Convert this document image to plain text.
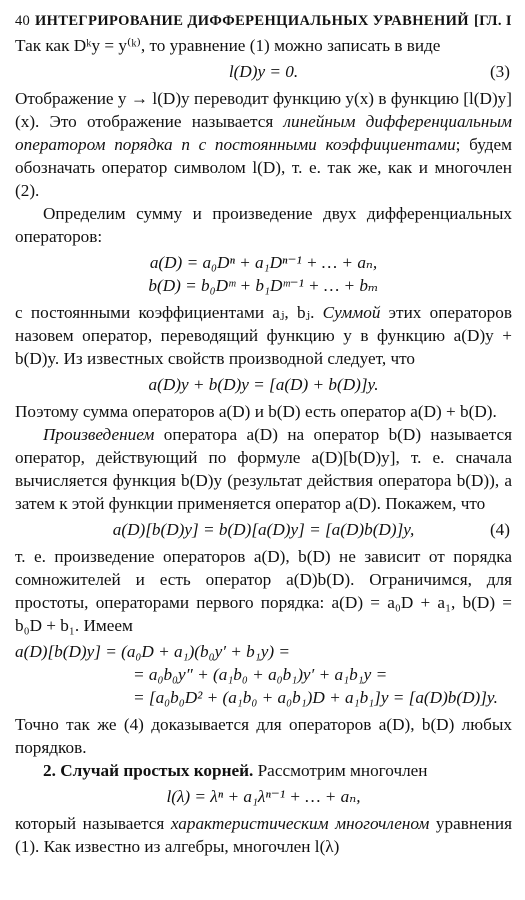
40 ИНТЕГРИРОВАНИЕ ДИФФЕРЕНЦИАЛЬНЫХ УРАВНЕНИЙ [ГЛ. I

Так как Dᵏy = y⁽ᵏ⁾, то уравнение (1) можно записать в виде

l(D)y = 0.	(3)

Отображение y → l(D)y переводит функцию y(x) в функцию [l(D)y](x). Это отображение называется линейным дифференциальным оператором порядка n с постоянными коэффициентами; будем обозначать оператор символом l(D), т. е. так же, как и многочлен (2).

Определим сумму и произведение двух дифференциальных операторов:

a(D) = a₀Dⁿ + a₁Dⁿ⁻¹ + … + aₙ,
b(D) = b₀Dᵐ + b₁Dᵐ⁻¹ + … + bₘ

с постоянными коэффициентами aⱼ, bⱼ. Суммой этих операторов назовем оператор, переводящий функцию y в функцию a(D)y + b(D)y. Из известных свойств производной следует, что

a(D)y + b(D)y = [a(D) + b(D)]y.

Поэтому сумма операторов a(D) и b(D) есть оператор a(D) + b(D).

Произведением оператора a(D) на оператор b(D) называется оператор, действующий по формуле a(D)[b(D)y], т. е. сначала вычисляется функция b(D)y (результат действия оператора b(D)), а затем к этой функции применяется оператор a(D). Покажем, что

a(D)[b(D)y] = b(D)[a(D)y] = [a(D)b(D)]y,	(4)

т. е. произведение операторов a(D), b(D) не зависит от порядка сомножителей и есть оператор a(D)b(D). Ограничимся, для простоты, операторами первого порядка: a(D) = a₀D + a₁, b(D) = b₀D + b₁. Имеем

a(D)[b(D)y] = (a₀D + a₁)(b₀y′ + b₁y) =
= a₀b₀y″ + (a₁b₀ + a₀b₁)y′ + a₁b₁y =
= [a₀b₀D² + (a₁b₀ + a₀b₁)D + a₁b₁]y = [a(D)b(D)]y.

Точно так же (4) доказывается для операторов a(D), b(D) любых порядков.

2. Случай простых корней. Рассмотрим многочлен

l(λ) = λⁿ + a₁λⁿ⁻¹ + … + aₙ,

который называется характеристическим многочленом уравнения (1). Как известно из алгебры, многочлен l(λ)
